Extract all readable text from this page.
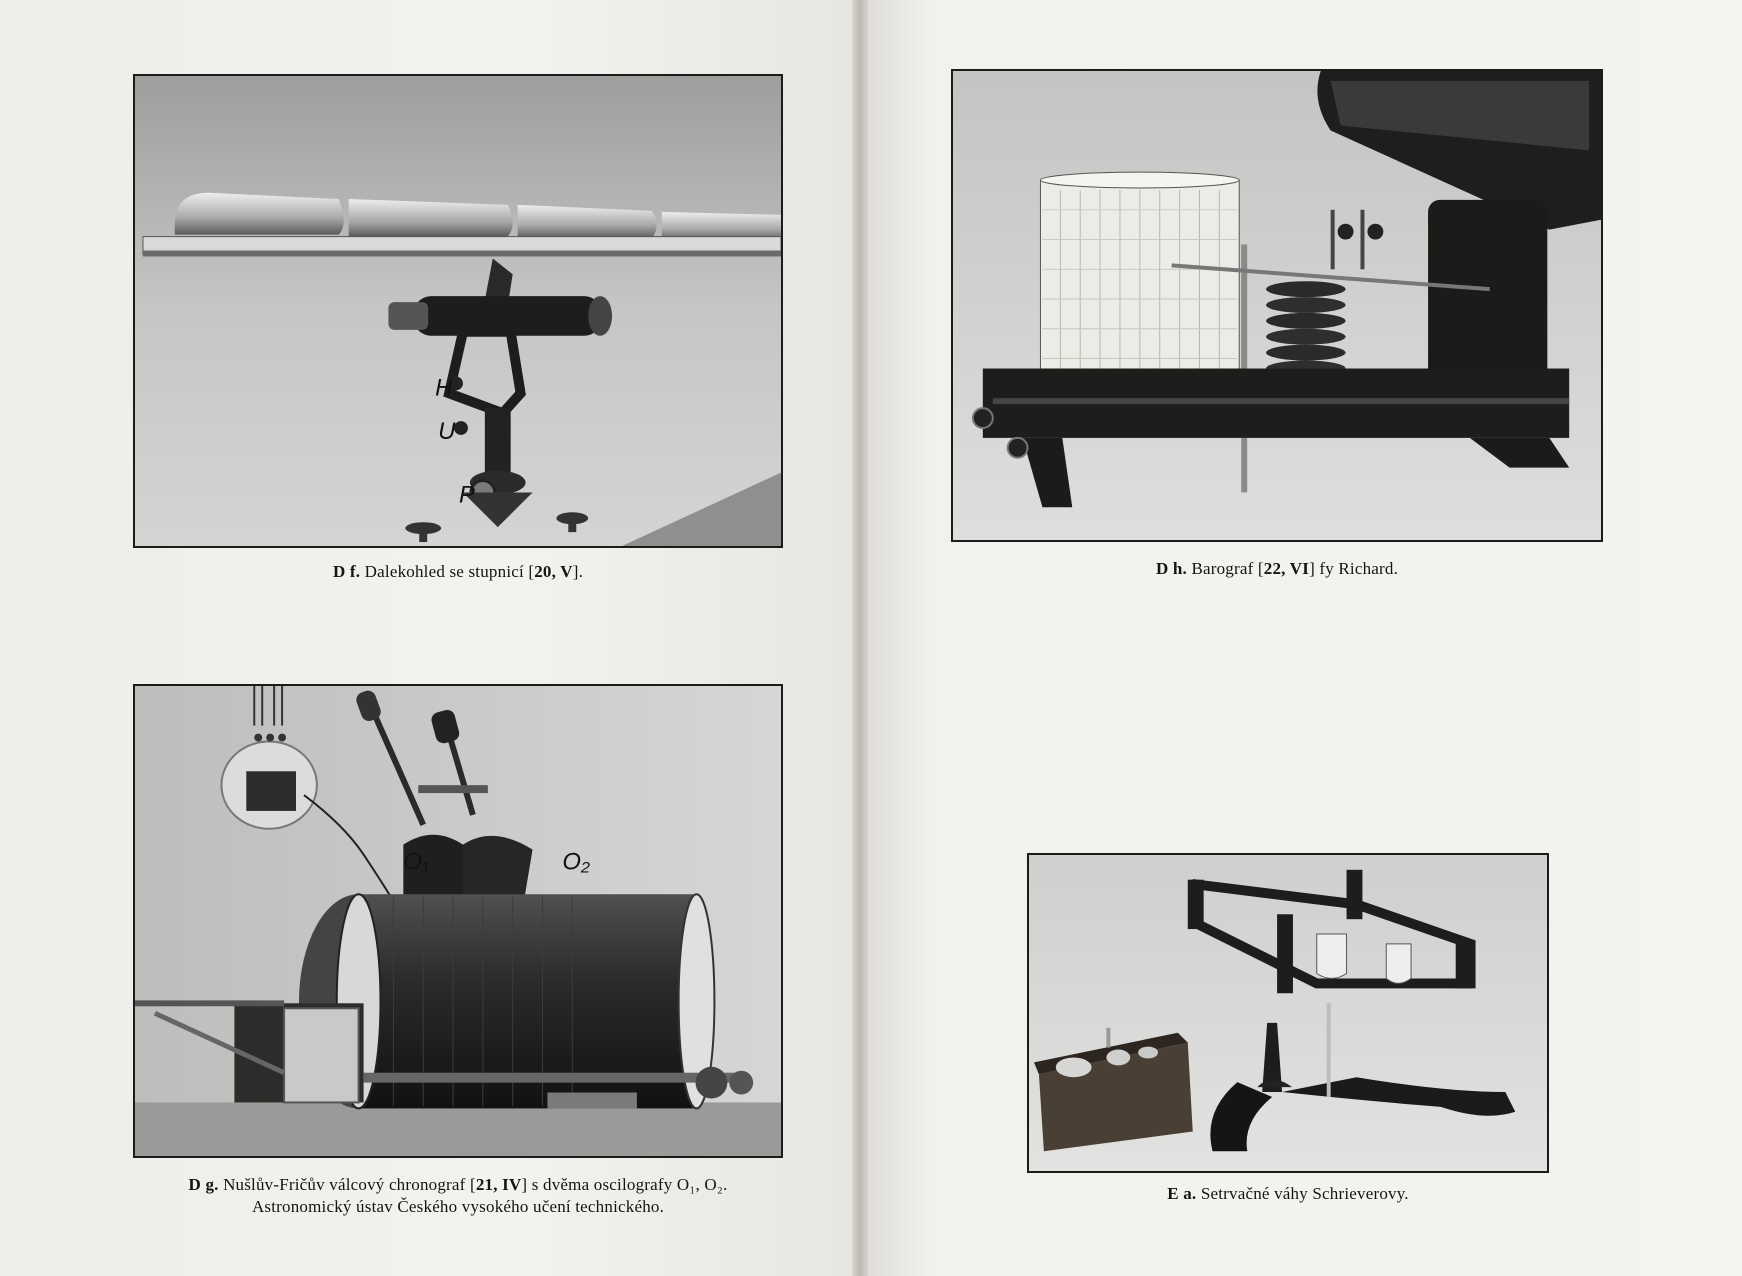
H
U
P
D f. Dalekohled se stupnicí [20, V].
O₁	O₂
D g. Nušlův-Fričův válcový chronograf [21, IV] s dvěma oscilografy O₁, O₂.
Astronomický ústav Českého vysokého učení technického.
D h. Barograf [22, VI] fy Richard.
E a. Setrvačné váhy Schrieverovy.
